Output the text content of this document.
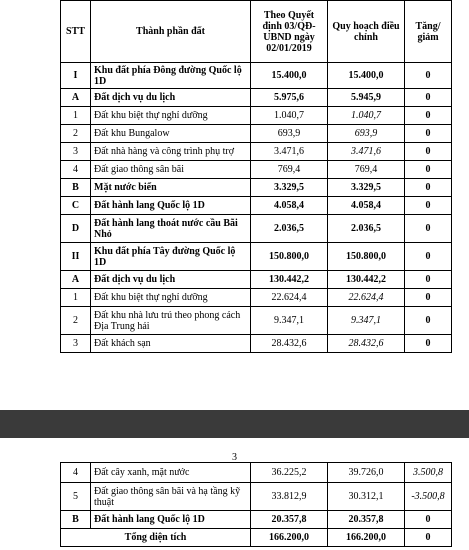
STT	Thành phần đất	Theo Quyết định 03/QĐ-UBND ngày 02/01/2019	Quy hoạch điều chỉnh	Tăng/ giảm
I	Khu đất phía Đông đường Quốc lộ 1D	15.400,0	15.400,0	0
A	Đất dịch vụ du lịch	5.975,6	5.945,9	0
1	Đất khu biệt thự nghỉ dưỡng	1.040,7	1.040,7	0
2	Đất khu Bungalow	693,9	693,9	0
3	Đất nhà hàng và công trình phụ trợ	3.471,6	3.471,6	0
4	Đất giao thông sân bãi	769,4	769,4	0
B	Mặt nước biển	3.329,5	3.329,5	0
C	Đất hành lang Quốc lộ 1D	4.058,4	4.058,4	0
D	Đất hành lang thoát nước cầu Bãi Nhỏ	2.036,5	2.036,5	0
II	Khu đất phía Tây đường Quốc lộ 1D	150.800,0	150.800,0	0
A	Đất dịch vụ du lịch	130.442,2	130.442,2	0
1	Đất khu biệt thự nghỉ dưỡng	22.624,4	22.624,4	0
2	Đất khu nhà lưu trú theo phong cách Địa Trung hải	9.347,1	9.347,1	0
3	Đất khách sạn	28.432,6	28.432,6	0
3
4	Đất cây xanh, mặt nước	36.225,2	39.726,0	3.500,8
5	Đất giao thông sân bãi và hạ tầng kỹ thuật	33.812,9	30.312,1	-3.500,8
B	Đất hành lang Quốc lộ 1D	20.357,8	20.357,8	0
Tổng diện tích		166.200,0	166.200,0	0
